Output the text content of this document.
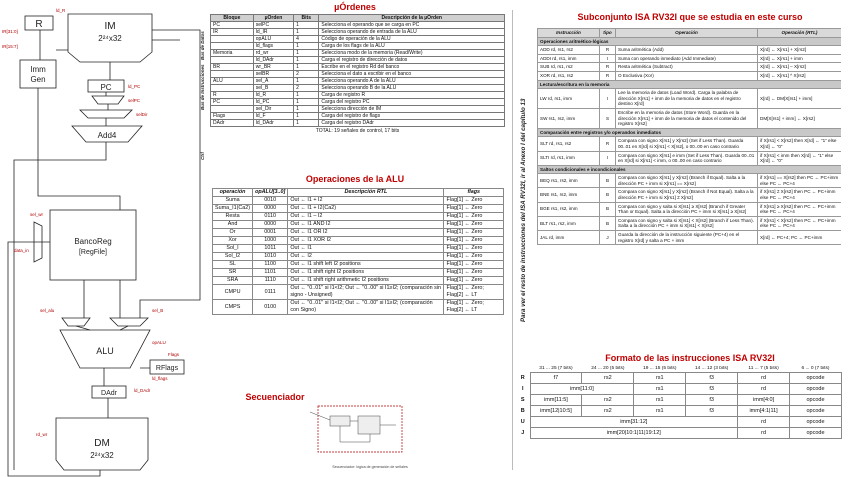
IM
2²⁴x32
R
Imm
Gen
PC
Add4
BancoReg
[RegFile]
ALU
RFlags
DAdr
DM
2²⁴x32
IR[31:0]
IR[15:7]
ld_R
ld_PC
selPC
selDir
sel_wr
sel_alu	sel_B
opALU
ld_flags
ld_DAdr
rd_wr
data_in
Flags
µÓrdenes
Bloque	µOrden	Bits	Descripción de la µOrden
PC	selPC	1	Selecciona el operando que se carga en PC
IR	ld_IR	1	Selecciona operando de entrada de la ALU
	opALU	4	Código de operación de la ALU
	ld_flags	1	Carga de los flags de la ALU
Memoria	rd_wr	1	Selecciona modo de la memoria (Read/Write)
	ld_DAdr	1	Carga el registro de dirección de datos
BR	wr_BR	1	Escribe en el registro Rd del banco
	selBR	2	Selecciona el dato a escribir en el banco
ALU	sel_A	1	Selecciona operando A de la ALU
	sel_B	2	Selecciona operando B de la ALU
R	ld_R	1	Carga de registro R
PC	ld_PC	1	Carga del registro PC
	sel_Dir	1	Selecciona dirección de IM
Flags	ld_F	1	Carga del registro de flags
DAdr	ld_DAdr	1	Carga del registro DAdr
TOTAL: 19 señales de control, 17 bits
Ctrl
Bus de Instrucciones
Bus de Datos
Operaciones de la ALU
operación	opALU[3..0]	Descripción RTL	flags
Suma	0010	Out ← I1 + I2	Flag[1] ← Zero
Suma_I1(Ca2)	0000	Out ← I1 + I2(Ca2)	Flag[1] ← Zero
Resta	0110	Out ← I1 – I2	Flag[1] ← Zero
And	0000	Out ← I1 AND I2	Flag[1] ← Zero
Or	0001	Out ← I1 OR I2	Flag[1] ← Zero
Xor	1000	Out ← I1 XOR I2	Flag[1] ← Zero
Sol_I	1011	Out ← I1	Flag[1] ← Zero
Sol_I2	1010	Out ← I2	Flag[1] ← Zero
SL	1100	Out ← I1 shift left I2 positions	Flag[1] ← Zero
SR	1101	Out ← I1 shift right I2 positions	Flag[1] ← Zero
SRA	1110	Out ← I1 shift right arithmetic I2 positions	Flag[1] ← Zero
CMPU	0111	Out ← "0..01" si I1<I2; Out ← "0..00" si I1≥I2; (comparación sin signo - Unsigned)	Flag[1] ← Zero; Flag[2] ← LT
CMPS	0100	Out ← "0..01" si I1<I2; Out ← "0..00" si I1≥I2; (comparación con Signo)	Flag[1] ← Zero; Flag[2] ← LT
Secuenciador
Secuenciador: lógica de generación de señales
Subconjunto ISA RV32I que se estudia en este curso
Para ver el resto de instrucciones del ISA RV32I, ir al Anexo I del capítulo 13
Instrucción	tipo	Operación	Operación (RTL)
Operaciones aritmético-lógicas			
ADD rd, rs1, rs2	R	Suma aritmética (Add)	X[rd] ← X[rs1] + X[rs2]
ADDI rd, rs1, imm	I	Suma con operando inmediato (Add Immediate)	X[rd] ← X[rs1] + imm
SUB rd, rs1, rs2	R	Resta aritmética (Subtract)	X[rd] ← X[rs1] – X[rs2]
XOR rd, rs1, rs2	R	O Exclusiva (Xor)	X[rd] ← X[rs1] ^ X[rs2]
Lectura/escritura en la memoria			
LW rd, rs1, imm	I	Lee la memoria de datos (Load Word). Carga la palabra de dirección X[rs1] + imm de la memoria de datos en el registro destino X[rd]	X[rd] ← DM[X[rs1] + imm]
SW rs1, rs2, imm	S	Escribe en la memoria de datos (Store Word). Guarda en la dirección X[rs1] + imm de la memoria de datos el contenido del registro X[rs2]	DM[X[rs1] + imm] ← X[rs2]
Comparación entre registros y/o operandos inmediatos			
SLT rd, rs1, rs2	R	Compara con signo X[rs1] y X[rs2] (Set if Less Than). Guarda 00..01 en X[rd] si X[rs1] < X[rs2], o 00..00 en caso contrario	if X[rs1] < X[rs2] then X[rd] ← “1” else X[rd] ← “0”
SLTI rd, rs1, imm	I	Compara con signo X[rs1] e imm (Set if Less Than). Guarda 00..01 en X[rd] si X[rs1] < imm, o 00..00 en caso contrario	if X[rs1] < imm then X[rd] ← “1” else X[rd] ← “0”
Saltos condicionales e incondicionales			
BEQ rs1, rs2, imm	B	Compara con signo X[rs1] y X[rs2] (Branch if Equal). Salta a la dirección PC + imm si X[rs1] == X[rs2]	if X[rs1] == X[rs2] then PC ← PC+imm else PC ← PC+4
BNE rs1, rs2, imm	B	Compara con signo X[rs1] y X[rs2] (Branch if Not Equal). Salta a la dirección PC + imm si X[rs1] ≠ X[rs2]	if X[rs1] ≠ X[rs2] then PC ← PC+imm else PC ← PC+4
BGE rs1, rs2, imm	B	Compara con signo y salta si X[rs1] ≥ X[rs2] (Branch if Greater Than or Equal). Salta a la dirección PC + imm si X[rs1] ≥ X[rs2]	if X[rs1] ≥ X[rs2] then PC ← PC+imm else PC ← PC+4
BLT rs1, rs2, imm	B	Compara con signo y salta si X[rs1] < X[rs2] (Branch if Less Than). Salta a la dirección PC + imm si X[rs1] < X[rs2]	if X[rs1] < X[rs2] then PC ← PC+imm else PC ← PC+4
JAL rd, imm	J	Guarda la dirección de la instrucción siguiente (PC+4) en el registro X[rd] y salta a PC + imm	X[rd] ← PC+4; PC ← PC+imm
Formato de las instrucciones ISA RV32I
	31 ... 25 (7 bits)	24 ... 20 (5 bits)	19 ... 15 (5 bits)	14 ... 12 (3 bits)	11 ... 7 (5 bits)	6 ... 0 (7 bits)
R	f7	rs2	rs1	f3	rd	opcode
I	imm[11:0]		rs1	f3	rd	opcode
S	imm[11:5]	rs2	rs1	f3	imm[4:0]	opcode
B	imm[12|10:5]	rs2	rs1	f3	imm[4:1|11]	opcode
U	imm[31:12]				rd	opcode
J	imm[20|10:1|11|19:12]				rd	opcode
